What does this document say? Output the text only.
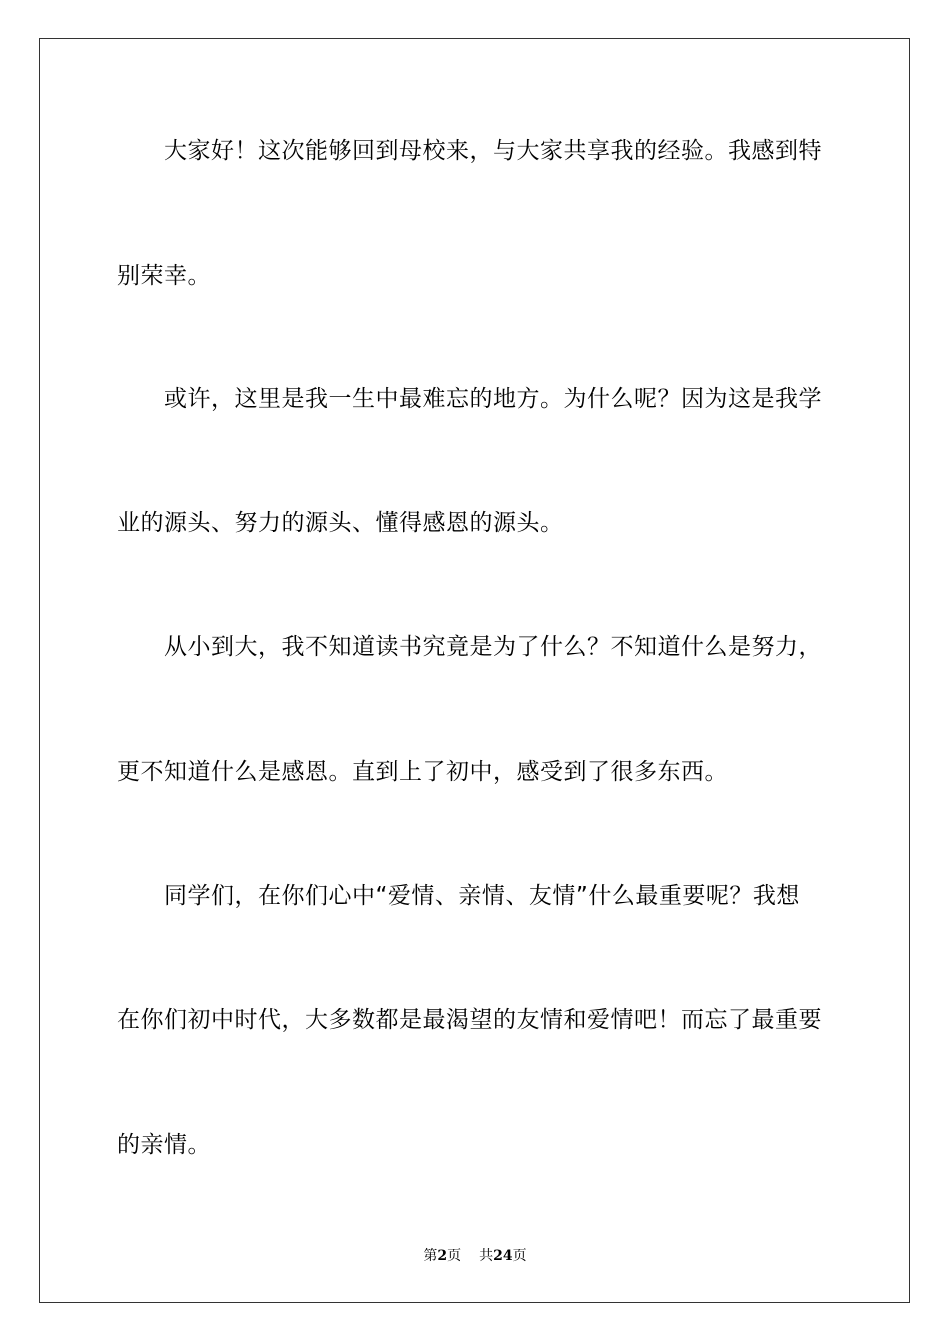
大家好！这次能够回到母校来，与大家共享我的经验。我感到特
别荣幸。
或许，这里是我一生中最难忘的地方。为什么呢？因为这是我学
业的源头、努力的源头、懂得感恩的源头。
从小到大，我不知道读书究竟是为了什么？不知道什么是努力，
更不知道什么是感恩。直到上了初中，感受到了很多东西。
同学们，在你们心中“爱情、亲情、友情”什么最重要呢？我想
在你们初中时代，大多数都是最渴望的友情和爱情吧！而忘了最重要
的亲情。
第2页 共24页
